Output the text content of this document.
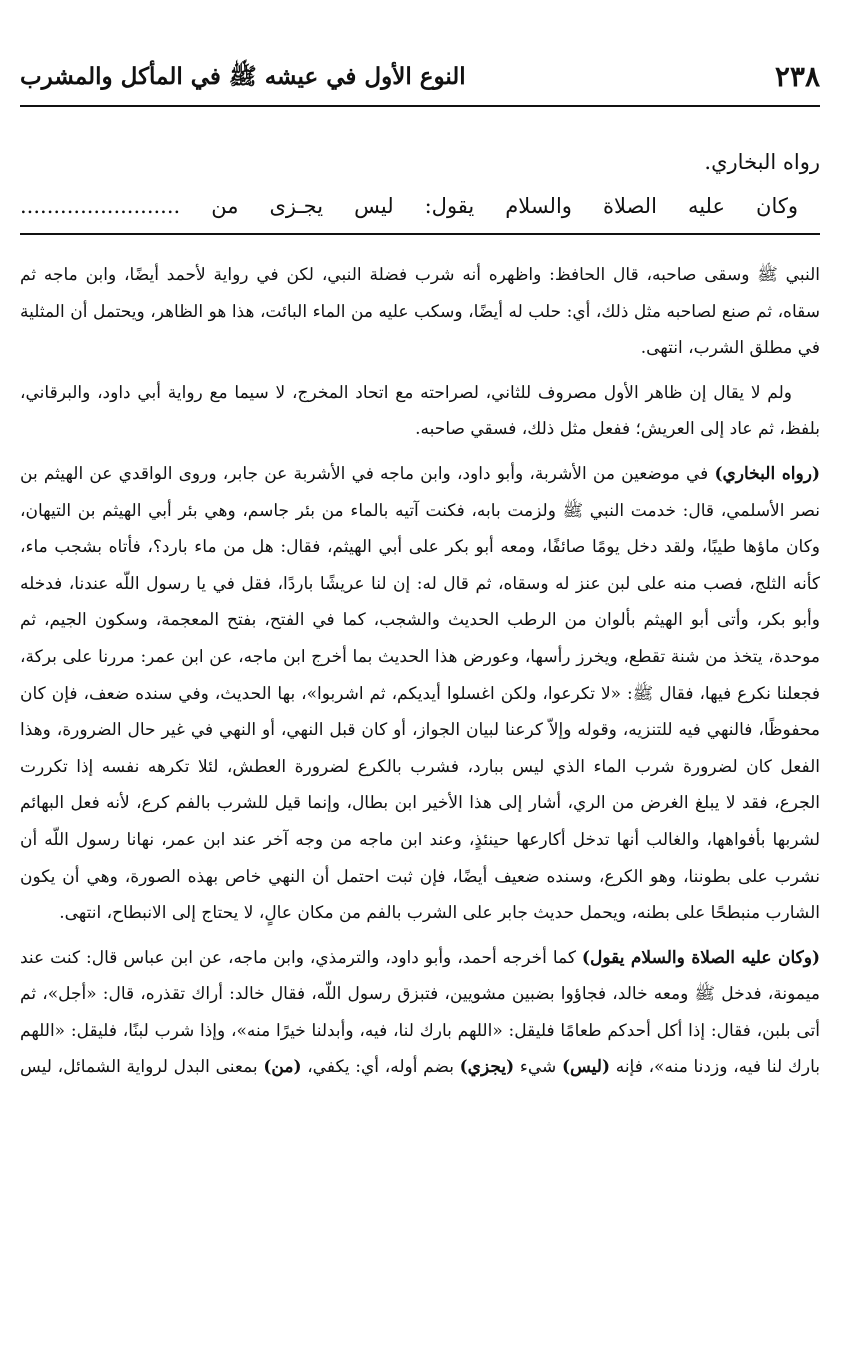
٢٣٨
النوع الأول في عيشه ﷺ في المأكل والمشرب

رواه البخاري.

وكان عليه الصلاة والسلام يقول: ليس يجـزى من ........................

النبي ﷺ وسقى صاحبه، قال الحافظ: واظهره أنه شرب فضلة النبي، لكن في رواية لأحمد أيضًا، وابن ماجه ثم سقاه، ثم صنع لصاحبه مثل ذلك، أي: حلب له أيضًا، وسكب عليه من الماء البائت، هذا هو الظاهر، ويحتمل أن المثلية في مطلق الشرب، انتهى.

ولم لا يقال إن ظاهر الأول مصروف للثاني، لصراحته مع اتحاد المخرج، لا سيما مع رواية أبي داود، والبرقاني، بلفظ، ثم عاد إلى العريش؛ ففعل مثل ذلك، فسقي صاحبه.

(رواه البخاري) في موضعين من الأشربة، وأبو داود، وابن ماجه في الأشربة عن جابر، وروى الواقدي عن الهيثم بن نصر الأسلمي، قال: خدمت النبي ﷺ ولزمت بابه، فكنت آتيه بالماء من بئر جاسم، وهي بئر أبي الهيثم بن التيهان، وكان ماؤها طيبًا، ولقد دخل يومًا صائفًا، ومعه أبو بكر على أبي الهيثم، فقال: هل من ماء بارد؟، فأتاه بشجب ماء، كأنه الثلج، فصب منه على لبن عنز له وسقاه، ثم قال له: إن لنا عريشًا باردًا، فقل في يا رسول اللّه عندنا، فدخله وأبو بكر، وأتى أبو الهيثم بألوان من الرطب الحديث والشجب، كما في الفتح، بفتح المعجمة، وسكون الجيم، ثم موحدة، يتخذ من شنة تقطع، ويخرز رأسها، وعورض هذا الحديث بما أخرج ابن ماجه، عن ابن عمر: مررنا على بركة، فجعلنا نكرع فيها، فقال ﷺ: «لا تكرعوا، ولكن اغسلوا أيديكم، ثم اشربوا»، بها الحديث، وفي سنده ضعف، فإن كان محفوظًا، فالنهي فيه للتنزيه، وقوله وإلاّ كرعنا لبيان الجواز، أو كان قبل النهي، أو النهي في غير حال الضرورة، وهذا الفعل كان لضرورة شرب الماء الذي ليس ببارد، فشرب بالكرع لضرورة العطش، لئلا تكرهه نفسه إذا تكررت الجرع، فقد لا يبلغ الغرض من الري، أشار إلى هذا الأخير ابن بطال، وإنما قيل للشرب بالفم كرع، لأنه فعل البهائم لشربها بأفواهها، والغالب أنها تدخل أكارعها حينئذٍ، وعند ابن ماجه من وجه آخر عند ابن عمر، نهانا رسول اللّه أن نشرب على بطوننا، وهو الكرع، وسنده ضعيف أيضًا، فإن ثبت احتمل أن النهي خاص بهذه الصورة، وهي أن يكون الشارب منبطحًا على بطنه، ويحمل حديث جابر على الشرب بالفم من مكان عالٍ، لا يحتاج إلى الانبطاح، انتهى.

(وكان عليه الصلاة والسلام يقول) كما أخرجه أحمد، وأبو داود، والترمذي، وابن ماجه، عن ابن عباس قال: كنت عند ميمونة، فدخل ﷺ ومعه خالد، فجاؤوا بضبين مشويين، فتبزق رسول اللّه، فقال خالد: أراك تقذره، قال: «أجل»، ثم أتى بلبن، فقال: إذا أكل أحدكم طعامًا فليقل: «اللهم بارك لنا، فيه، وأبدلنا خيرًا منه»، وإذا شرب لبنًا، فليقل: «اللهم بارك لنا فيه، وزدنا منه»، فإنه (ليس) شيء (يجزي) بضم أوله، أي: يكفي، (من) بمعنى البدل لرواية الشمائل، ليس
